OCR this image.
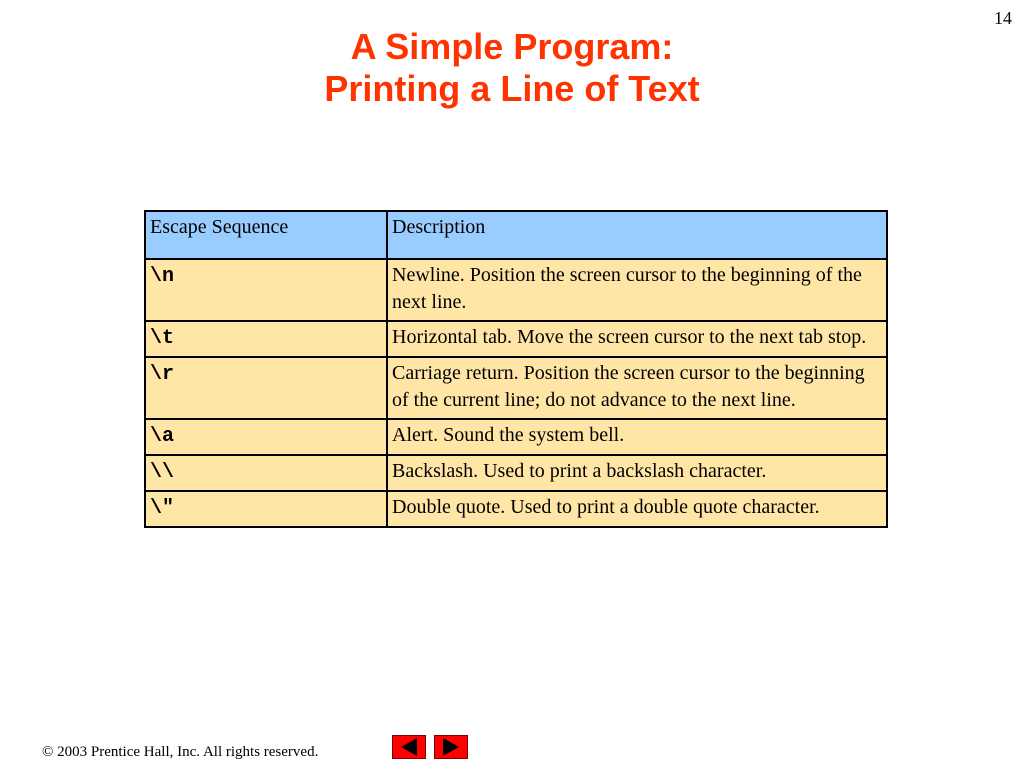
14
A Simple Program:
Printing a Line of Text
Escape Sequence	Description
\n	Newline. Position the screen cursor to the beginning of the next line.
\t	Horizontal tab. Move the screen cursor to the next tab stop.
\r	Carriage return. Position the screen cursor to the beginning of the current line; do not advance to the next line.
\a	Alert. Sound the system bell.
\\	Backslash. Used to print a backslash character.
\"	Double quote. Used to print a double quote character.
© 2003 Prentice Hall, Inc. All rights reserved.
